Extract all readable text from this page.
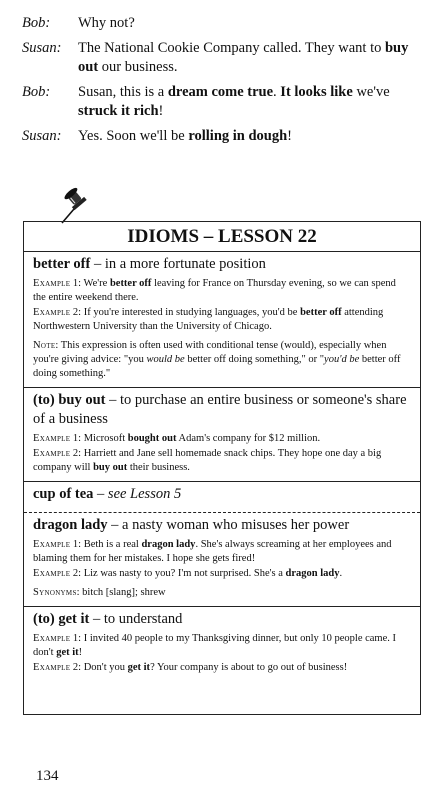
Bob:	Why not?
Susan:	The National Cookie Company called. They want to buy out our business.
Bob:	Susan, this is a dream come true. It looks like we've struck it rich!
Susan:	Yes. Soon we'll be rolling in dough!
IDIOMS – LESSON 22
better off – in a more fortunate position
Example 1: We're better off leaving for France on Thursday evening, so we can spend the entire weekend there.
Example 2: If you're interested in studying languages, you'd be better off attending Northwestern University than the University of Chicago.
Note: This expression is often used with conditional tense (would), especially when you're giving advice: "you would be better off doing something," or "you'd be better off doing something."
(to) buy out – to purchase an entire business or someone's share of a business
Example 1: Microsoft bought out Adam's company for $12 million.
Example 2: Harriett and Jane sell homemade snack chips. They hope one day a big company will buy out their business.
cup of tea – see Lesson 5
dragon lady – a nasty woman who misuses her power
Example 1: Beth is a real dragon lady. She's always screaming at her employees and blaming them for her mistakes. I hope she gets fired!
Example 2: Liz was nasty to you? I'm not surprised. She's a dragon lady.
Synonyms: bitch [slang]; shrew
(to) get it – to understand
Example 1: I invited 40 people to my Thanksgiving dinner, but only 10 people came. I don't get it!
Example 2: Don't you get it? Your company is about to go out of business!
134
